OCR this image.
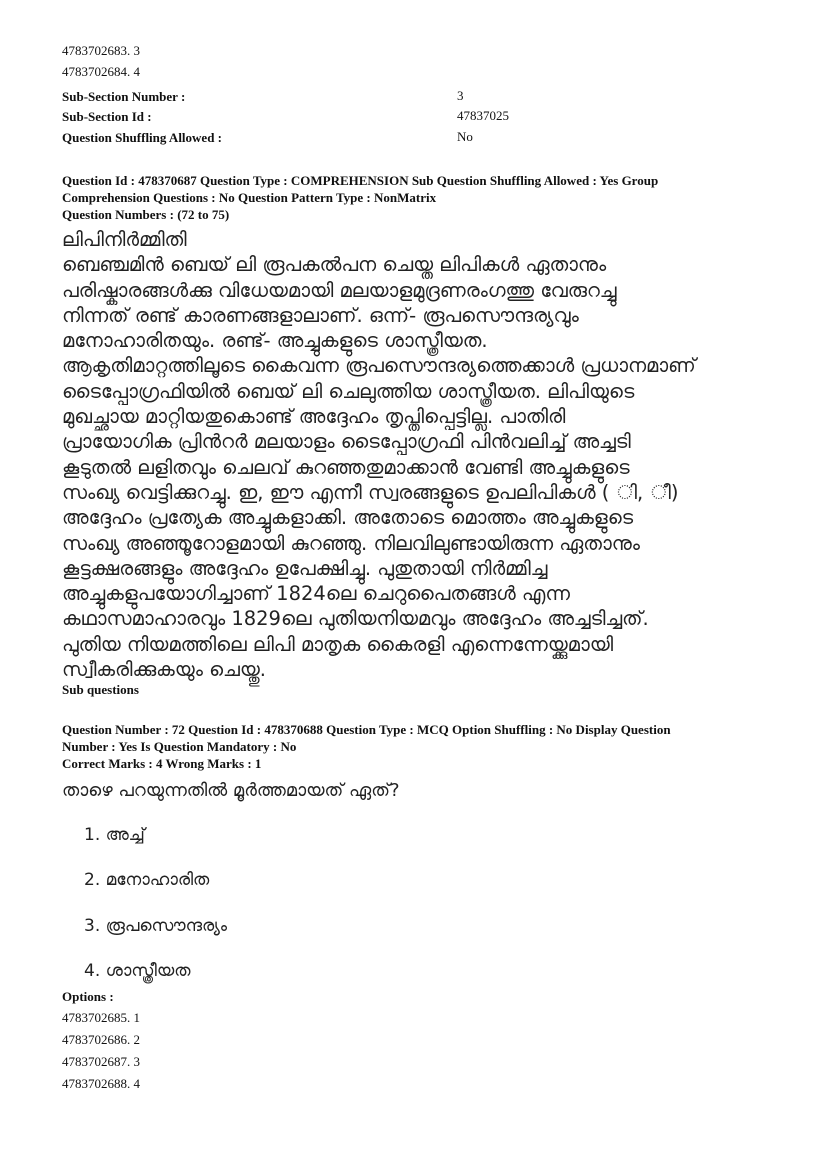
4783702683. 3
4783702684. 4
Sub-Section Number :	3
Sub-Section Id :	47837025
Question Shuffling Allowed :	No
Question Id : 478370687 Question Type : COMPREHENSION Sub Question Shuffling Allowed : Yes Group
Comprehension Questions : No Question Pattern Type : NonMatrix
Question Numbers : (72 to 75)
ലിപിനിർമ്മിതി
ബെഞ്ചമിൻ ബെയ് ലി രൂപകൽപന ചെയ്ത ലിപികൾ ഏതാനും
പരിഷ്കാരങ്ങൾക്കു വിധേയമായി മലയാളമുദ്രണരംഗത്തു വേരുറച്ചു
നിന്നത് രണ്ട് കാരണങ്ങളാലാണ്. ഒന്ന്- രൂപസൌന്ദര്യവും
മനോഹാരിതയും. രണ്ട്- അച്ചുകളുടെ ശാസ്ത്രീയത.
ആകൃതിമാറ്റത്തിലൂടെ കൈവന്ന രൂപസൌന്ദര്യത്തെക്കാൾ പ്രധാനമാണ്
ടൈപ്പോഗ്രഫിയിൽ ബെയ് ലി ചെലുത്തിയ ശാസ്ത്രീയത. ലിപിയുടെ
മുഖച്ഛായ മാറ്റിയതുകൊണ്ട് അദ്ദേഹം തൃപ്തിപ്പെട്ടില്ല. പാതിരി
പ്രായോഗിക പ്രിൻറർ മലയാളം ടൈപ്പോഗ്രഫി പിൻവലിച്ച് അച്ചടി
കൂടുതൽ ലളിതവും ചെലവ് കുറഞ്ഞതുമാക്കാൻ വേണ്ടി അച്ചുകളുടെ
സംഖ്യ വെട്ടിക്കുറച്ചു. ഇ, ഈ എന്നീ സ്വരങ്ങളുടെ ഉപലിപികൾ ( ി, ീ)
അദ്ദേഹം പ്രത്യേക അച്ചുകളാക്കി. അതോടെ മൊത്തം അച്ചുകളുടെ
സംഖ്യ അഞ്ഞൂറോളമായി കുറഞ്ഞു. നിലവിലുണ്ടായിരുന്ന ഏതാനും
കൂട്ടക്ഷരങ്ങളും അദ്ദേഹം ഉപേക്ഷിച്ചു. പുതുതായി നിർമ്മിച്ച
അച്ചുകളുപയോഗിച്ചാണ് 1824ലെ ചെറുപൈതങ്ങൾ എന്ന
കഥാസമാഹാരവും 1829ലെ പുതിയനിയമവും അദ്ദേഹം അച്ചടിച്ചത്.
പുതിയ നിയമത്തിലെ ലിപി മാതൃക കൈരളി എന്നെന്നേയ്ക്കുമായി
സ്വീകരിക്കുകയും ചെയ്തു.
Sub questions
Question Number : 72 Question Id : 478370688 Question Type : MCQ Option Shuffling : No Display Question
Number : Yes Is Question Mandatory : No
Correct Marks : 4 Wrong Marks : 1
താഴെ പറയുന്നതിൽ മൂർത്തമായത് ഏത്?
1. അച്ച്
2. മനോഹാരിത
3. രൂപസൌന്ദര്യം
4. ശാസ്ത്രീയത
Options :
4783702685. 1
4783702686. 2
4783702687. 3
4783702688. 4
